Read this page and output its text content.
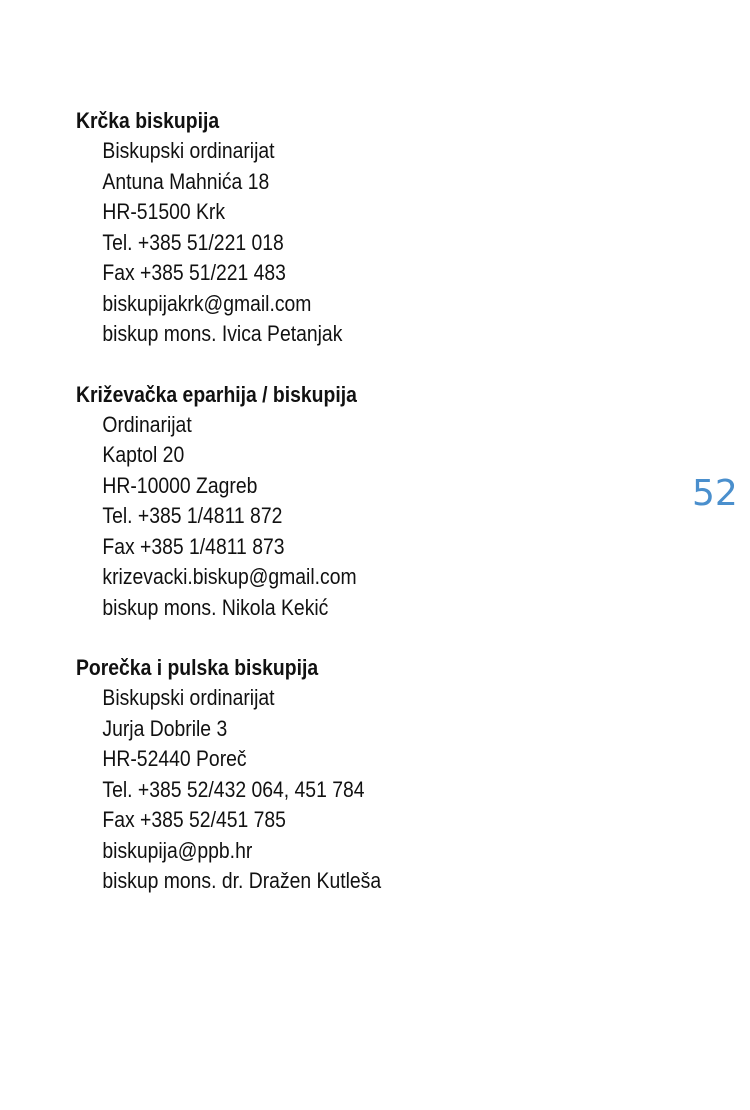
Krčka biskupija
Biskupski ordinarijat
Antuna Mahnića 18
HR-51500 Krk
Tel. +385 51/221 018
Fax +385 51/221 483
biskupijakrk@gmail.com
biskup mons. Ivica Petanjak
Križevačka eparhija / biskupija
Ordinarijat
Kaptol 20
HR-10000 Zagreb
Tel. +385 1/4811 872
Fax +385 1/4811 873
krizevacki.biskup@gmail.com
biskup mons. Nikola Kekić
Porečka i pulska biskupija
Biskupski ordinarijat
Jurja Dobrile 3
HR-52440 Poreč
Tel. +385 52/432 064, 451 784
Fax +385 52/451 785
biskupija@ppb.hr
biskup mons. dr. Dražen Kutleša
52
